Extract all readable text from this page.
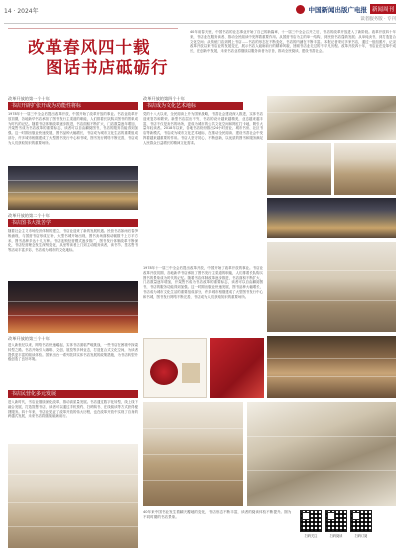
14 · 2024年	中国新闻出版广电报 新闻周刊
读者服务版 · 专刊
改革春风四十载
图话书店砥砺行

40年前春天里，中国书店的业态事业开始了自己的新篇章，十一届三中全会召开之后，书店的改革开放进入了新阶段。改革开放四十年来，书店业在服务读者、推动全民阅读中发挥着重要作用。从国营书店为主的单一结构，到民营书店蓬勃发展；从单纯卖书，到打造复合文化空间；从传统门店到网上书店……书店的形态在不断变化，书店的内涵在不断丰富。本报记者采访多家书店，通过一组组照片，记录改革开放以来书店业的发展变迁，展示书店人砥砺前行的精神风貌，回顾书店业走过的不平凡历程。改革开放四十年，书店业在变革中成长，在创新中发展，未来书店业将继续以服务读者为宗旨，推动全民阅读，建设书香社会。

改革开放的第一个十年
书店开辟扩张开或为功能性将标

1978年十一届三中全会后提出改革开放，中国开始了改革开放的事业。书店业改革开放初期，各地新华书店承担了图书发行主渠道的职能，人们排着长队购买图书的景象成为时代的记忆。随着书店体制改革逐步推进，书店面积不断扩大，门店数量逐年增加，开架售书成为书店改革的重要标志，读者可以自由翻阅图书，书店的服务功能得到加强。这一时期出版业快速发展，图书品种大幅增长，书店成为城市文化生活的重要组成部分，许多城市相继建成了大型图书发行中心和书城，图书发行网络不断完善，书店成为人们获取知识的重要场所。

改革开放的第二个十年
书店图书大批苦学

随着社会主义市场经济体制的建立，书店业迎来了新的发展机遇。民营书店如雨后春笋般涌现，与国营书店形成互补，大型书城开始出现，图书卖场面积动辄数千上万平方米，图书品种多达十几万种。书店连锁经营模式逐步推广，图书发行体制改革不断深化，书店经营理念发生深刻变化，从坐等读者上门到主动服务读者，读书节、签名售书等活动丰富多彩，书店成为城市的文化地标。

改革开放的第三个十年

进入新世纪以来，网络书店快速崛起，实体书店面临严峻挑战，一些书店在困境中探索转型之路。书店开始引入咖啡、文创、展览等多种业态，打造复合式文化空间，为读者提供更丰富的阅读体验。国家出台一系列扶持实体书店发展的政策措施，为书店转型升级创造了良好环境。

书店民营化多元发展

进入新时代，书店业继续深化改革，推动高质量发展。书店通过数字化转型，线上线下融合发展，打造智慧书店，读者可以通过手机预约、扫码购书、在线阅读等方式获得便捷服务。四十年来，书店业见证了改革开放的伟大历程，也在改革开放中实现了自身的跨越式发展，未来书店将继续砥砺前行。

改革开放的第四个十年
书店成为文化艺术地标

党的十八大以来，全民阅读上升为国家战略，书香社会建设深入推进，实体书店迎来复苏和繁荣。新型书店层出不穷，书店的设计越来越精美，业态越来越丰富，书店不仅是卖书的场所，更成为城市的公共文化空间和网红打卡地，吸引大量年轻读者。2018年以来，各地书店纷纷推出24小时营业、城市书房、社区书店等新模式，书店成为城市文化艺术地标，在推动全民阅读、建设书香社会中发挥着越来越重要的作用。书店人坚守初心，不断创新，以优质的图书和服务满足人民群众日益增长的精神文化需求。

1978年十一届三中全会后提出改革开放，中国开始了改革开放的事业。书店业改革开放初期，各地新华书店承担了图书发行主渠道的职能，人们排着长队购买图书的景象成为时代的记忆。随着书店体制改革逐步推进，书店面积不断扩大，门店数量逐年增加，开架售书成为书店改革的重要标志，读者可以自由翻阅图书，书店的服务功能得到加强。这一时期出版业快速发展，图书品种大幅增长，书店成为城市文化生活的重要组成部分，许多城市相继建成了大型图书发行中心和书城，图书发行网络不断完善，书店成为人们获取知识的重要场所。

40年来中国书业发生着翻天覆地的变化，书店形态不断丰富，读者的阅读体验不断提升。图为不同时期的书店景象。
扫码关注	扫码阅读	扫码订阅
